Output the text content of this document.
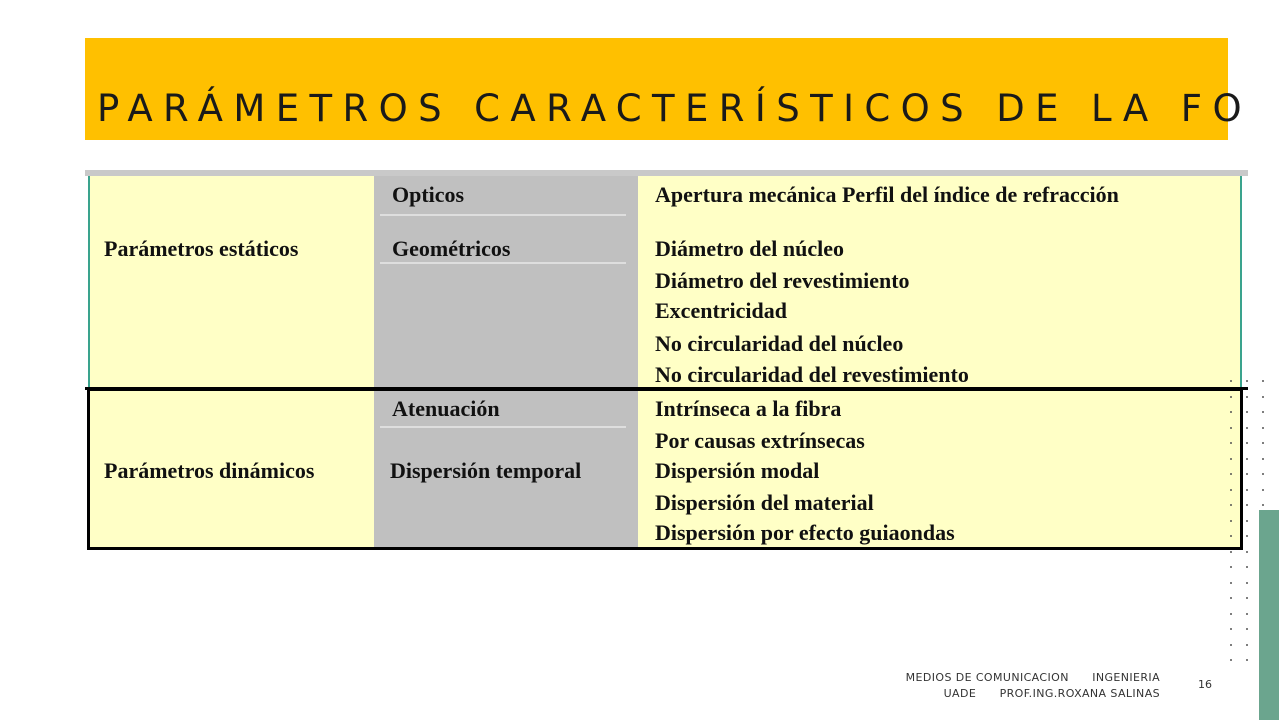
PARÁMETROS CARACTERÍSTICOS DE LA FO
Parámetros estáticos
Opticos
Geométricos
Apertura mecánica Perfil del índice de refracción
Diámetro del núcleo
Diámetro del revestimiento
Excentricidad
No circularidad del núcleo
No circularidad del revestimiento
Parámetros dinámicos
Atenuación
Dispersión temporal
Intrínseca a la fibra
Por causas extrínsecas
Dispersión modal
Dispersión del material
Dispersión por efecto guiaondas
MEDIOS DE COMUNICACION      INGENIERIA
UADE      PROF.ING.ROXANA SALINAS
16
